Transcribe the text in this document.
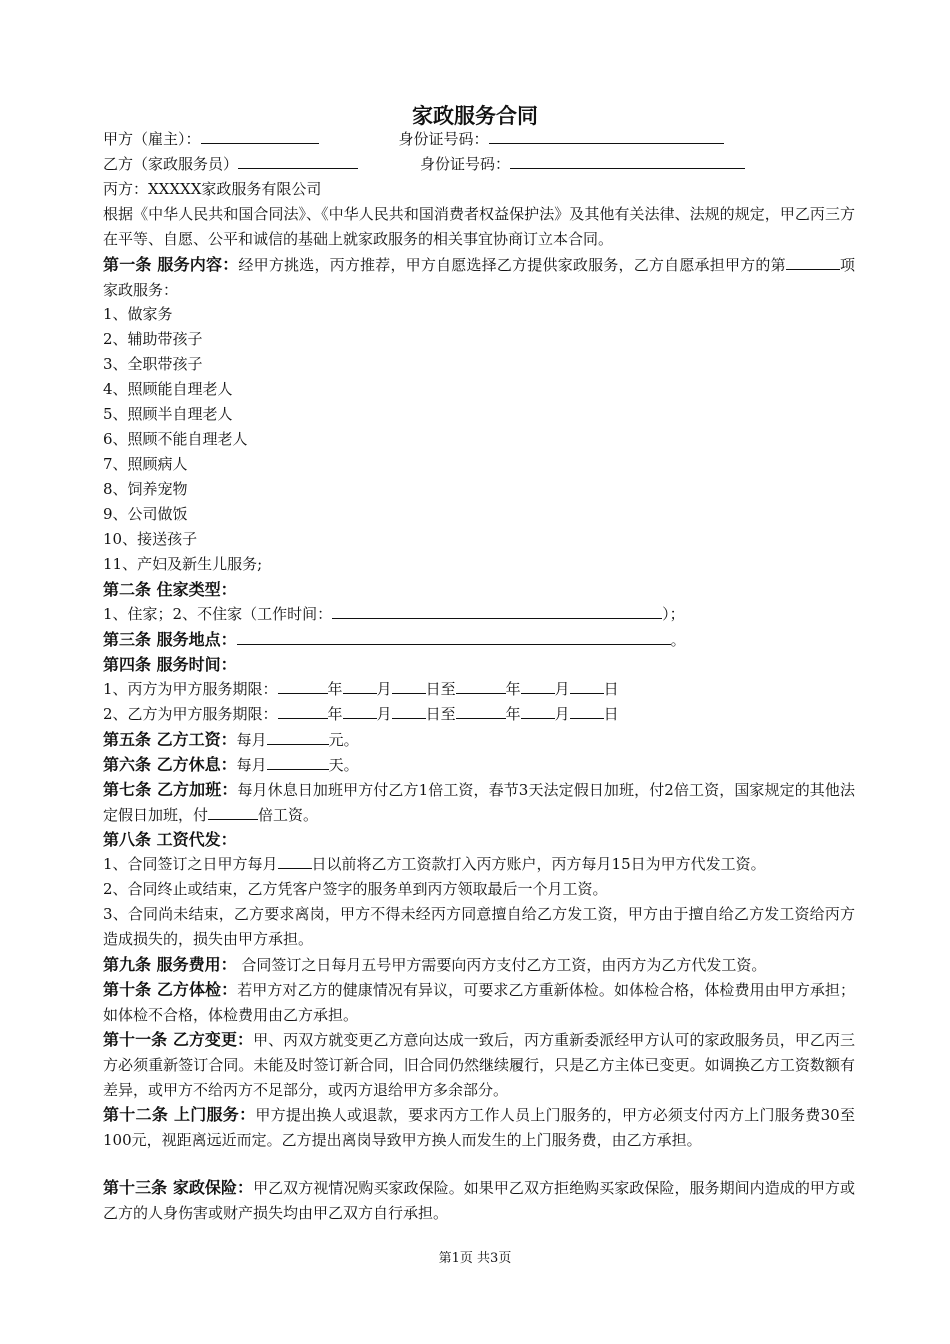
家政服务合同
甲方（雇主）：	身份证号码：
乙方（家政服务员）	身份证号码：
丙方：XXXXX家政服务有限公司
根据《中华人民共和国合同法》、《中华人民共和国消费者权益保护法》及其他有关法律、法规的规定，甲乙丙三方在平等、自愿、公平和诚信的基础上就家政服务的相关事宜协商订立本合同。
第一条 服务内容：经甲方挑选，丙方推荐，甲方自愿选择乙方提供家政服务，乙方自愿承担甲方的第	项家政服务：
1、做家务
2、辅助带孩子
3、全职带孩子
4、照顾能自理老人
5、照顾半自理老人
6、照顾不能自理老人
7、照顾病人
8、饲养宠物
9、公司做饭
10、接送孩子
11、产妇及新生儿服务;
第二条 住家类型：
1、住家；2、不住家（工作时间：	）；
第三条 服务地点：	。
第四条 服务时间：
1、丙方为甲方服务期限：	年 月 日至	年 月 日
2、乙方为甲方服务期限：	年 月 日至	年 月 日
第五条 乙方工资：每月	元。
第六条 乙方休息：每月	天。
第七条 乙方加班：每月休息日加班甲方付乙方1倍工资，春节3天法定假日加班，付2倍工资，国家规定的其他法定假日加班，付	倍工资。
第八条 工资代发：
1、合同签订之日甲方每月 日以前将乙方工资款打入丙方账户，丙方每月15日为甲方代发工资。
2、合同终止或结束，乙方凭客户签字的服务单到丙方领取最后一个月工资。
3、合同尚未结束，乙方要求离岗，甲方不得未经丙方同意擅自给乙方发工资，甲方由于擅自给乙方发工资给丙方造成损失的，损失由甲方承担。
第九条 服务费用： 合同签订之日每月五号甲方需要向丙方支付乙方工资，由丙方为乙方代发工资。
第十条 乙方体检：若甲方对乙方的健康情况有异议，可要求乙方重新体检。如体检合格，体检费用由甲方承担；如体检不合格，体检费用由乙方承担。
第十一条 乙方变更：甲、丙双方就变更乙方意向达成一致后，丙方重新委派经甲方认可的家政服务员，甲乙丙三方必须重新签订合同。未能及时签订新合同，旧合同仍然继续履行，只是乙方主体已变更。如调换乙方工资数额有差异，或甲方不给丙方不足部分，或丙方退给甲方多余部分。
第十二条 上门服务：甲方提出换人或退款，要求丙方工作人员上门服务的，甲方必须支付丙方上门服务费30至100元，视距离远近而定。乙方提出离岗导致甲方换人而发生的上门服务费，由乙方承担。
第十三条 家政保险：甲乙双方视情况购买家政保险。如果甲乙双方拒绝购买家政保险，服务期间内造成的甲方或乙方的人身伤害或财产损失均由甲乙双方自行承担。
第1页 共3页
